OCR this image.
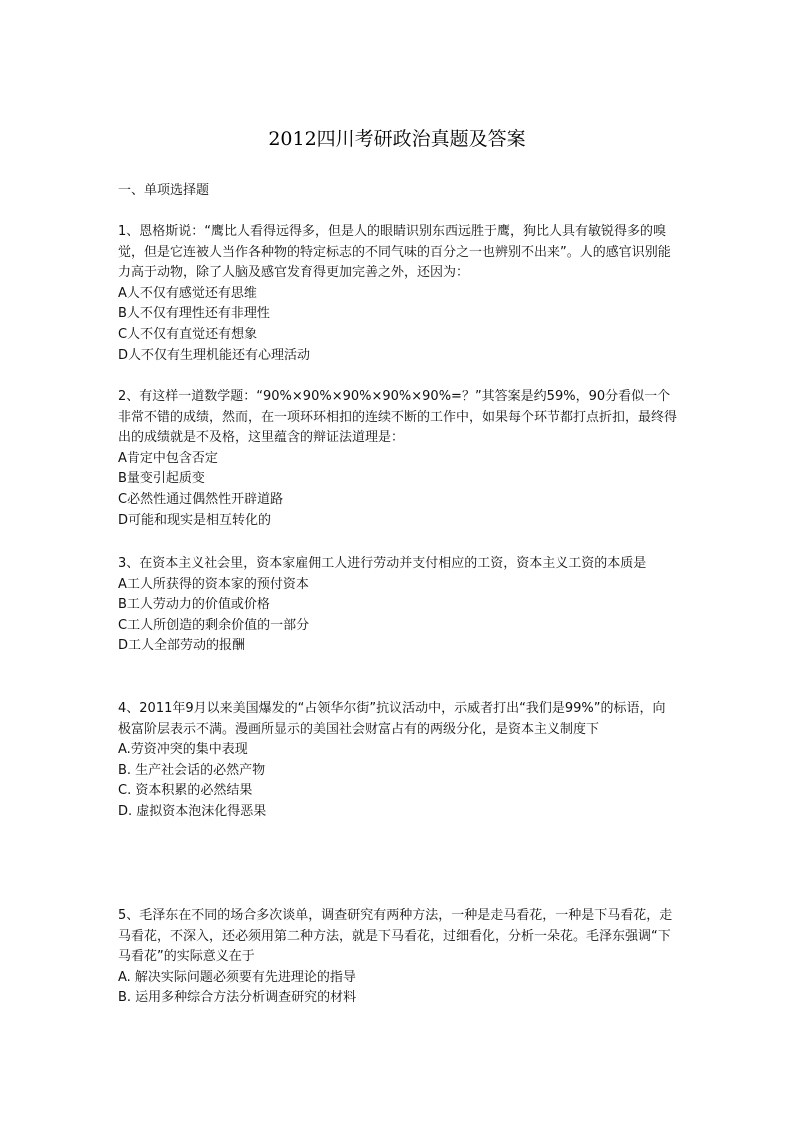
2012四川考研政治真题及答案
一、单项选择题

1、恩格斯说：“鹰比人看得远得多，但是人的眼睛识别东西远胜于鹰，狗比人具有敏锐得多的嗅觉，但是它连被人当作各种物的特定标志的不同气味的百分之一也辨别不出来”。人的感官识别能力高于动物，除了人脑及感官发育得更加完善之外，还因为：

A人不仅有感觉还有思维

B人不仅有理性还有非理性

C人不仅有直觉还有想象

D人不仅有生理机能还有心理活动

2、有这样一道数学题：“90%×90%×90%×90%×90%=？”其答案是约59%，90分看似一个非常不错的成绩，然而，在一项环环相扣的连续不断的工作中，如果每个环节都打点折扣，最终得出的成绩就是不及格，这里蕴含的辩证法道理是：

A肯定中包含否定

B量变引起质变

C必然性通过偶然性开辟道路

D可能和现实是相互转化的

3、在资本主义社会里，资本家雇佣工人进行劳动并支付相应的工资，资本主义工资的本质是

A工人所获得的资本家的预付资本

B工人劳动力的价值或价格

C工人所创造的剩余价值的一部分

D工人全部劳动的报酬

4、2011年9月以来美国爆发的“占领华尔街”抗议活动中，示威者打出“我们是99%”的标语，向极富阶层表示不满。漫画所显示的美国社会财富占有的两级分化，是资本主义制度下

A.劳资冲突的集中表现

B. 生产社会话的必然产物

C. 资本积累的必然结果

D. 虚拟资本泡沫化得恶果

5、毛泽东在不同的场合多次谈单，调查研究有两种方法，一种是走马看花，一种是下马看花，走马看花，不深入，还必须用第二种方法，就是下马看花，过细看化，分析一朵花。毛泽东强调“下马看花”的实际意义在于

A. 解决实际问题必须要有先进理论的指导

B. 运用多种综合方法分析调查研究的材料
